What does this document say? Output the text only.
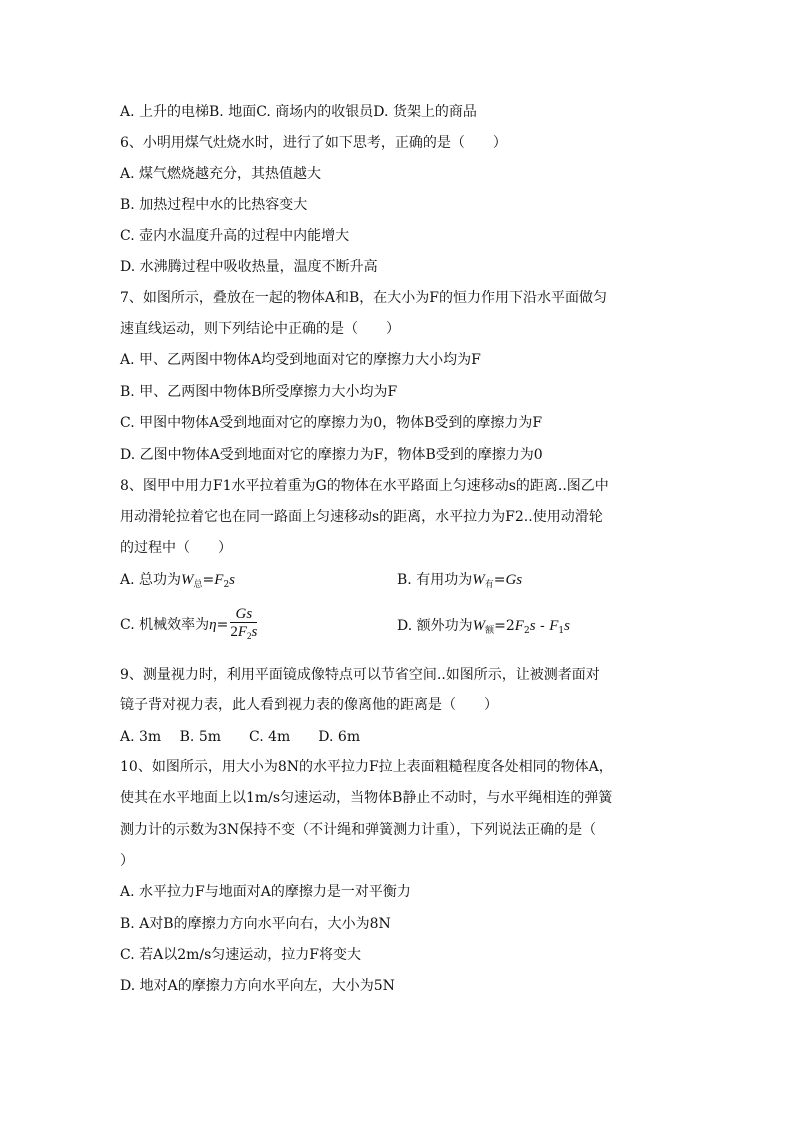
A. 上升的电梯B. 地面C. 商场内的收银员D. 货架上的商品
6、小明用煤气灶烧水时，进行了如下思考，正确的是（　　）
A. 煤气燃烧越充分，其热值越大
B. 加热过程中水的比热容变大
C. 壶内水温度升高的过程中内能增大
D. 水沸腾过程中吸收热量，温度不断升高
7、如图所示，叠放在一起的物体A和B，在大小为F的恒力作用下沿水平面做匀
速直线运动，则下列结论中正确的是（　　）
A. 甲、乙两图中物体A均受到地面对它的摩擦力大小均为F
B. 甲、乙两图中物体B所受摩擦力大小均为F
C. 甲图中物体A受到地面对它的摩擦力为0，物体B受到的摩擦力为F
D. 乙图中物体A受到地面对它的摩擦力为F，物体B受到的摩擦力为0
8、图甲中用力F1水平拉着重为G的物体在水平路面上匀速移动s的距离..图乙中
用动滑轮拉着它也在同一路面上匀速移动s的距离，水平拉力为F2..使用动滑轮
的过程中（　　）
A. 总功为$W_总=F_2s$	B. 有用功为$W_有=Gs$
C. 机械效率为$\eta= \frac{Gs}{2F_2s}$	D. 额外功为$W_额=2F_2s - F_1s$
9、测量视力时，利用平面镜成像特点可以节省空间..如图所示，让被测者面对
镜子背对视力表，此人看到视力表的像离他的距离是（　　）
A. 3m　 B. 5m　　C. 4m　　D. 6m
10、如图所示，用大小为8N的水平拉力F拉上表面粗糙程度各处相同的物体A，
使其在水平地面上以1m/s匀速运动，当物体B静止不动时，与水平绳相连的弹簧
测力计的示数为3N保持不变（不计绳和弹簧测力计重），下列说法正确的是（
）
A. 水平拉力F与地面对A的摩擦力是一对平衡力
B. A对B的摩擦力方向水平向右，大小为8N
C. 若A以2m/s匀速运动，拉力F将变大
D. 地对A的摩擦力方向水平向左，大小为5N
